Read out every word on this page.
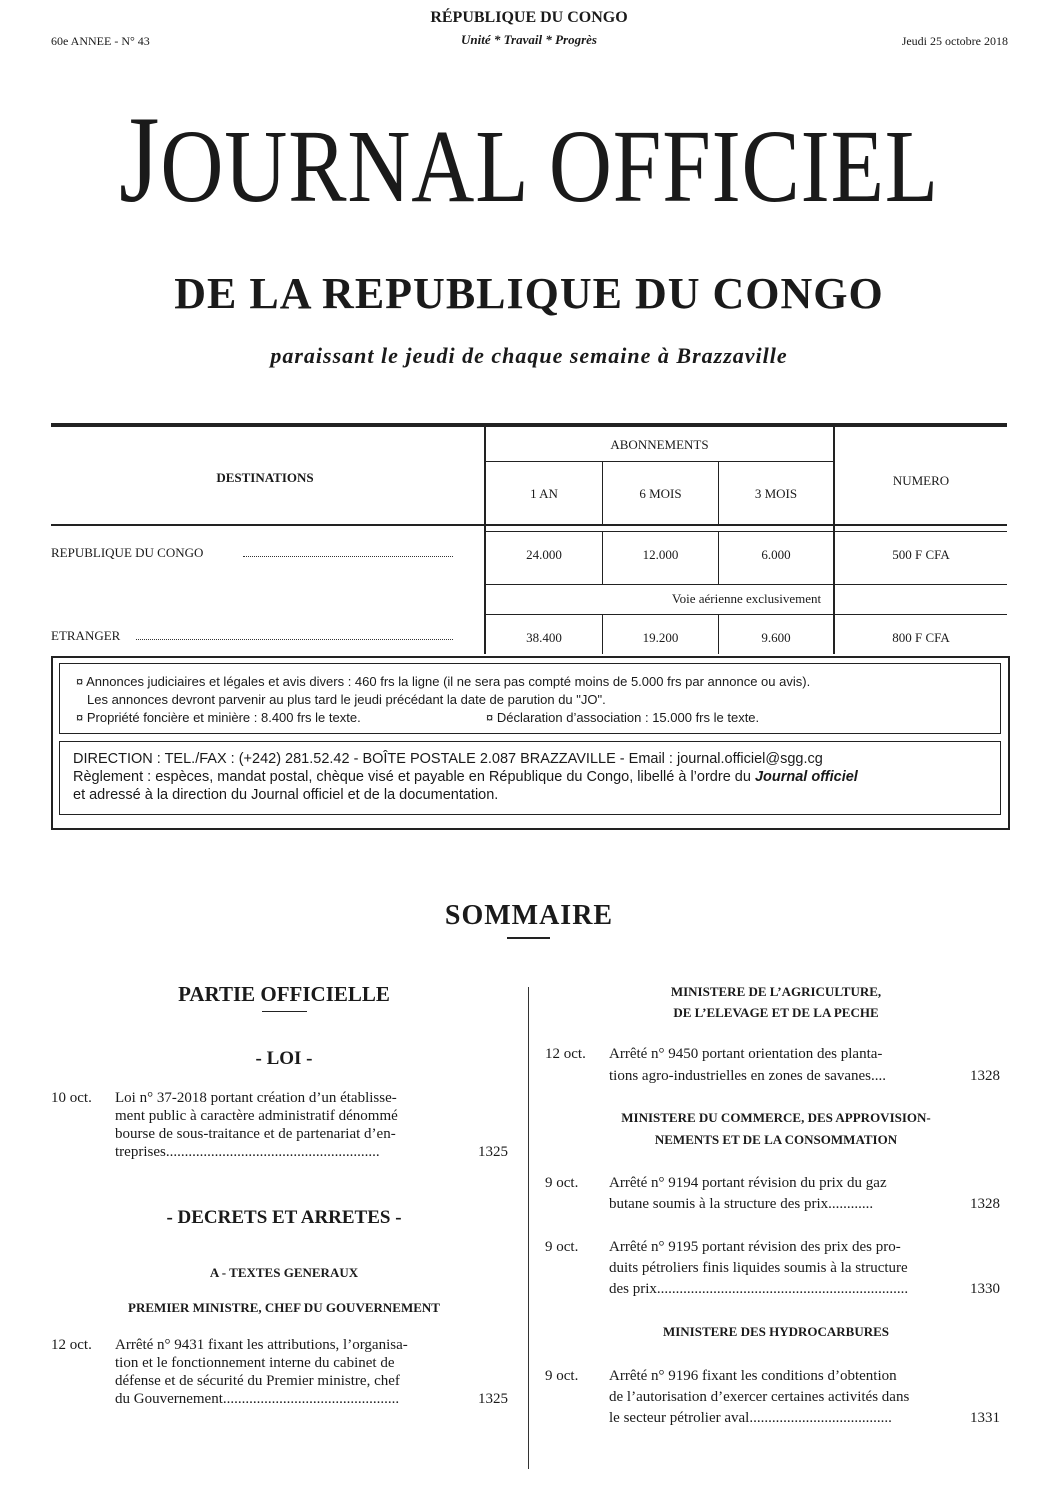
RÉPUBLIQUE DU CONGO
Unité * Travail * Progrès
60e ANNEE - N° 43	Jeudi 25 octobre 2018
JOURNAL OFFICIEL
DE LA REPUBLIQUE DU CONGO
paraissant le jeudi de chaque semaine à Brazzaville
DESTINATIONS
ABONNEMENTS
NUMERO
1 AN	6 MOIS	3 MOIS
REPUBLIQUE DU CONGO	24.000	12.000	6.000	500 F CFA
Voie aérienne exclusivement
ETRANGER	38.400	19.200	9.600	800 F CFA
¤ Annonces judiciaires et légales et avis divers : 460 frs la ligne (il ne sera pas compté moins de 5.000 frs par annonce ou avis).
Les annonces devront parvenir au plus tard le jeudi précédant la date de parution du "JO".
¤ Propriété foncière et minière : 8.400 frs le texte.	¤ Déclaration d’association : 15.000 frs le texte.
DIRECTION : TEL./FAX : (+242) 281.52.42 - BOÎTE POSTALE 2.087 BRAZZAVILLE - Email : journal.officiel@sgg.cg
Règlement : espèces, mandat postal, chèque visé et payable en République du Congo, libellé à l’ordre du Journal officiel
et adressé à la direction du Journal officiel et de la documentation.
SOMMAIRE
PARTIE OFFICIELLE
- LOI -
10 oct. Loi n° 37-2018 portant création d’un établisse-
ment public à caractère administratif dénommé
bourse de sous-traitance et de partenariat d’en-
treprises.........................................................	1325
- DECRETS ET ARRETES -
A - TEXTES GENERAUX
PREMIER MINISTRE, CHEF DU GOUVERNEMENT
12 oct. Arrêté n° 9431 fixant les attributions, l’organisa-
tion et le fonctionnement interne du cabinet de
défense et de sécurité du Premier ministre, chef
du Gouvernement...............................................	1325
MINISTERE DE L’AGRICULTURE,
DE L’ELEVAGE ET DE LA PECHE
12 oct. Arrêté n° 9450 portant orientation des planta-
tions agro-industrielles en zones de savanes....	1328
MINISTERE DU COMMERCE, DES APPROVISION-
NEMENTS ET DE LA CONSOMMATION
9 oct. Arrêté n° 9194 portant révision du prix du gaz
butane soumis à la structure des prix............	1328
9 oct. Arrêté n° 9195 portant révision des prix des pro-
duits pétroliers finis liquides soumis à la structure
des prix...................................................................	1330
MINISTERE DES HYDROCARBURES
9 oct. Arrêté n° 9196 fixant les conditions d’obtention
de l’autorisation d’exercer certaines activités dans
le secteur pétrolier aval......................................	1331
